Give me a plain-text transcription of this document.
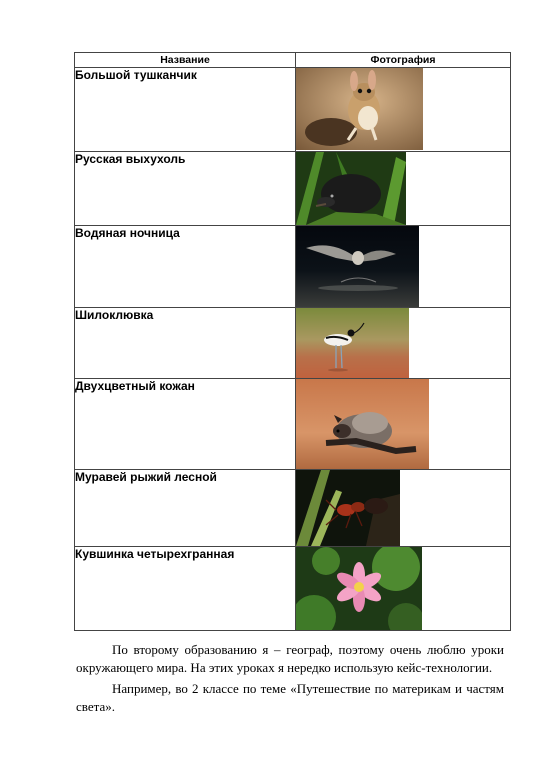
Название	Фотография
Большой тушканчик	

Русская выхухоль	

Водяная ночница	

Шилоклювка	

Двухцветный кожан	

Муравей рыжий лесной	

Кувшинка четырехгранная	

По второму образованию я – географ, поэтому очень люблю уроки окружающего мира. На этих уроках я нередко использую кейс-технологии.

Например, во 2 классе по теме «Путешествие по материкам и частям света».
